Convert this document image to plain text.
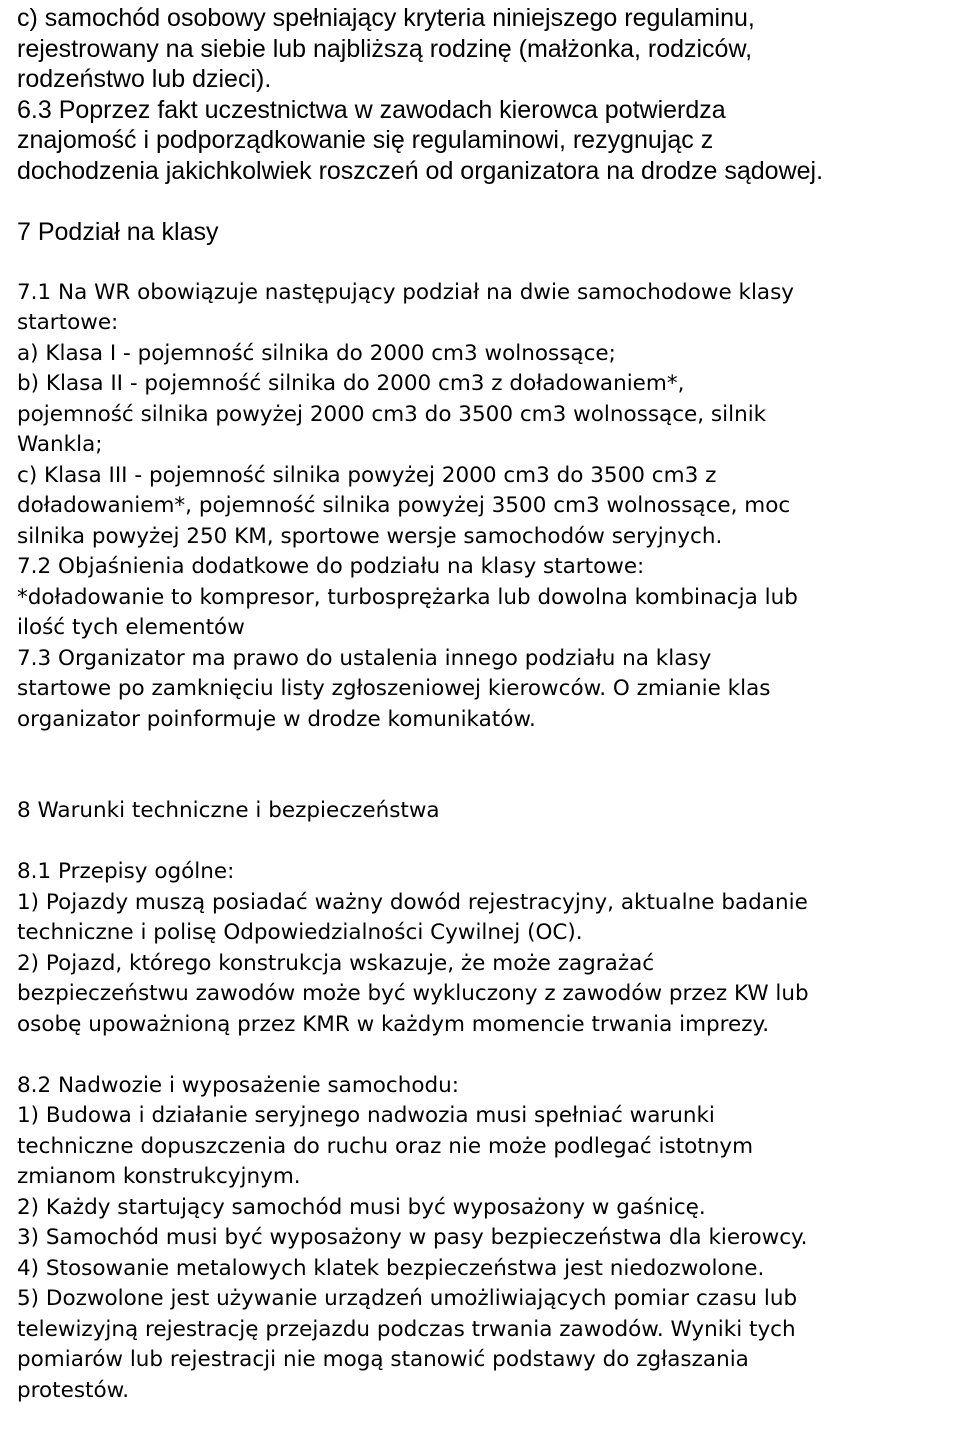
c) samochód osobowy spełniający kryteria niniejszego regulaminu,
rejestrowany na siebie lub najbliższą rodzinę (małżonka, rodziców,
rodzeństwo lub dzieci).
6.3 Poprzez fakt uczestnictwa w zawodach kierowca potwierdza
znajomość i podporządkowanie się regulaminowi, rezygnując z
dochodzenia jakichkolwiek roszczeń od organizatora na drodze sądowej.
7 Podział na klasy
7.1 Na WR obowiązuje następujący podział na dwie samochodowe klasy
startowe:
a) Klasa I - pojemność silnika do 2000 cm3 wolnossące;
b) Klasa II - pojemność silnika do 2000 cm3 z doładowaniem*,
pojemność silnika powyżej 2000 cm3 do 3500 cm3 wolnossące, silnik
Wankla;
c) Klasa III - pojemność silnika powyżej 2000 cm3 do 3500 cm3 z
doładowaniem*, pojemność silnika powyżej 3500 cm3 wolnossące, moc
silnika powyżej 250 KM, sportowe wersje samochodów seryjnych.
7.2 Objaśnienia dodatkowe do podziału na klasy startowe:
*doładowanie to kompresor, turbosprężarka lub dowolna kombinacja lub
ilość tych elementów
7.3 Organizator ma prawo do ustalenia innego podziału na klasy
startowe po zamknięciu listy zgłoszeniowej kierowców. O zmianie klas
organizator poinformuje w drodze komunikatów.
8 Warunki techniczne i bezpieczeństwa
8.1 Przepisy ogólne:
1) Pojazdy muszą posiadać ważny dowód rejestracyjny, aktualne badanie
techniczne i polisę Odpowiedzialności Cywilnej (OC).
2) Pojazd, którego konstrukcja wskazuje, że może zagrażać
bezpieczeństwu zawodów może być wykluczony z zawodów przez KW lub
osobę upoważnioną przez KMR w każdym momencie trwania imprezy.
8.2 Nadwozie i wyposażenie samochodu:
1) Budowa i działanie seryjnego nadwozia musi spełniać warunki
techniczne dopuszczenia do ruchu oraz nie może podlegać istotnym
zmianom konstrukcyjnym.
2) Każdy startujący samochód musi być wyposażony w gaśnicę.
3) Samochód musi być wyposażony w pasy bezpieczeństwa dla kierowcy.
4) Stosowanie metalowych klatek bezpieczeństwa jest niedozwolone.
5) Dozwolone jest używanie urządzeń umożliwiających pomiar czasu lub
telewizyjną rejestrację przejazdu podczas trwania zawodów. Wyniki tych
pomiarów lub rejestracji nie mogą stanowić podstawy do zgłaszania
protestów.
